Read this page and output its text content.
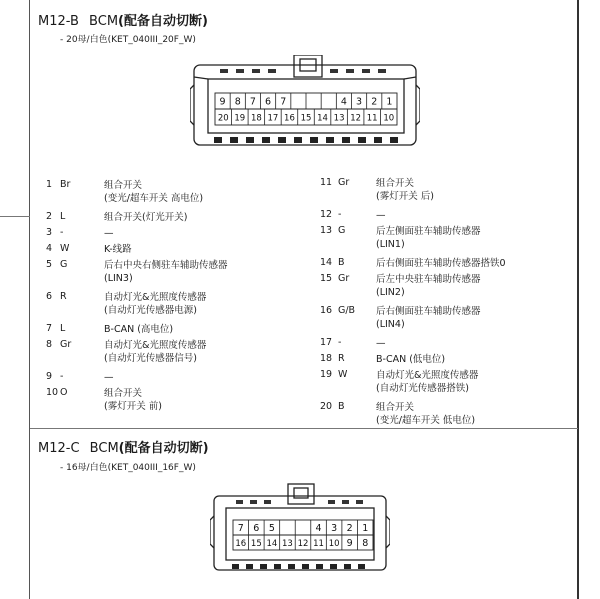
M12-B BCM(配备自动切断)
- 20母/白色(KET_040III_20F_W)
9 8 7 6 7	4 3 2 1
20 19 18 17 16 15 14 13 12 11 10
1 Br	组合开关
(变光/超车开关 高电位)
2 L	组合开关(灯光开关)
3 -	—
4 W	K-线路
5 G	后右中央右侧驻车辅助传感器
(LIN3)
6 R	自动灯光&光照度传感器
(自动灯光传感器电源)
7 L	B-CAN (高电位)
8 Gr	自动灯光&光照度传感器
(自动灯光传感器信号)
9 -	—
10 O	组合开关
(雾灯开关 前)
11 Gr	组合开关
(雾灯开关 后)
12 -	—
13 G	后左侧面驻车辅助传感器
(LIN1)
14 B	后右侧面驻车辅助传感器搭铁0
15 Gr	后左中央驻车辅助传感器
(LIN2)
16 G/B 后右侧面驻车辅助传感器
(LIN4)
17 -	—
18 R	B-CAN (低电位)
19 W	自动灯光&光照度传感器
(自动灯光传感器搭铁)
20 B	组合开关
(变光/超车开关 低电位)
M12-C BCM(配备自动切断)
- 16母/白色(KET_040III_16F_W)
7 6 5	4 3 2 1
16 15 14 13 12 11 10 9 8
